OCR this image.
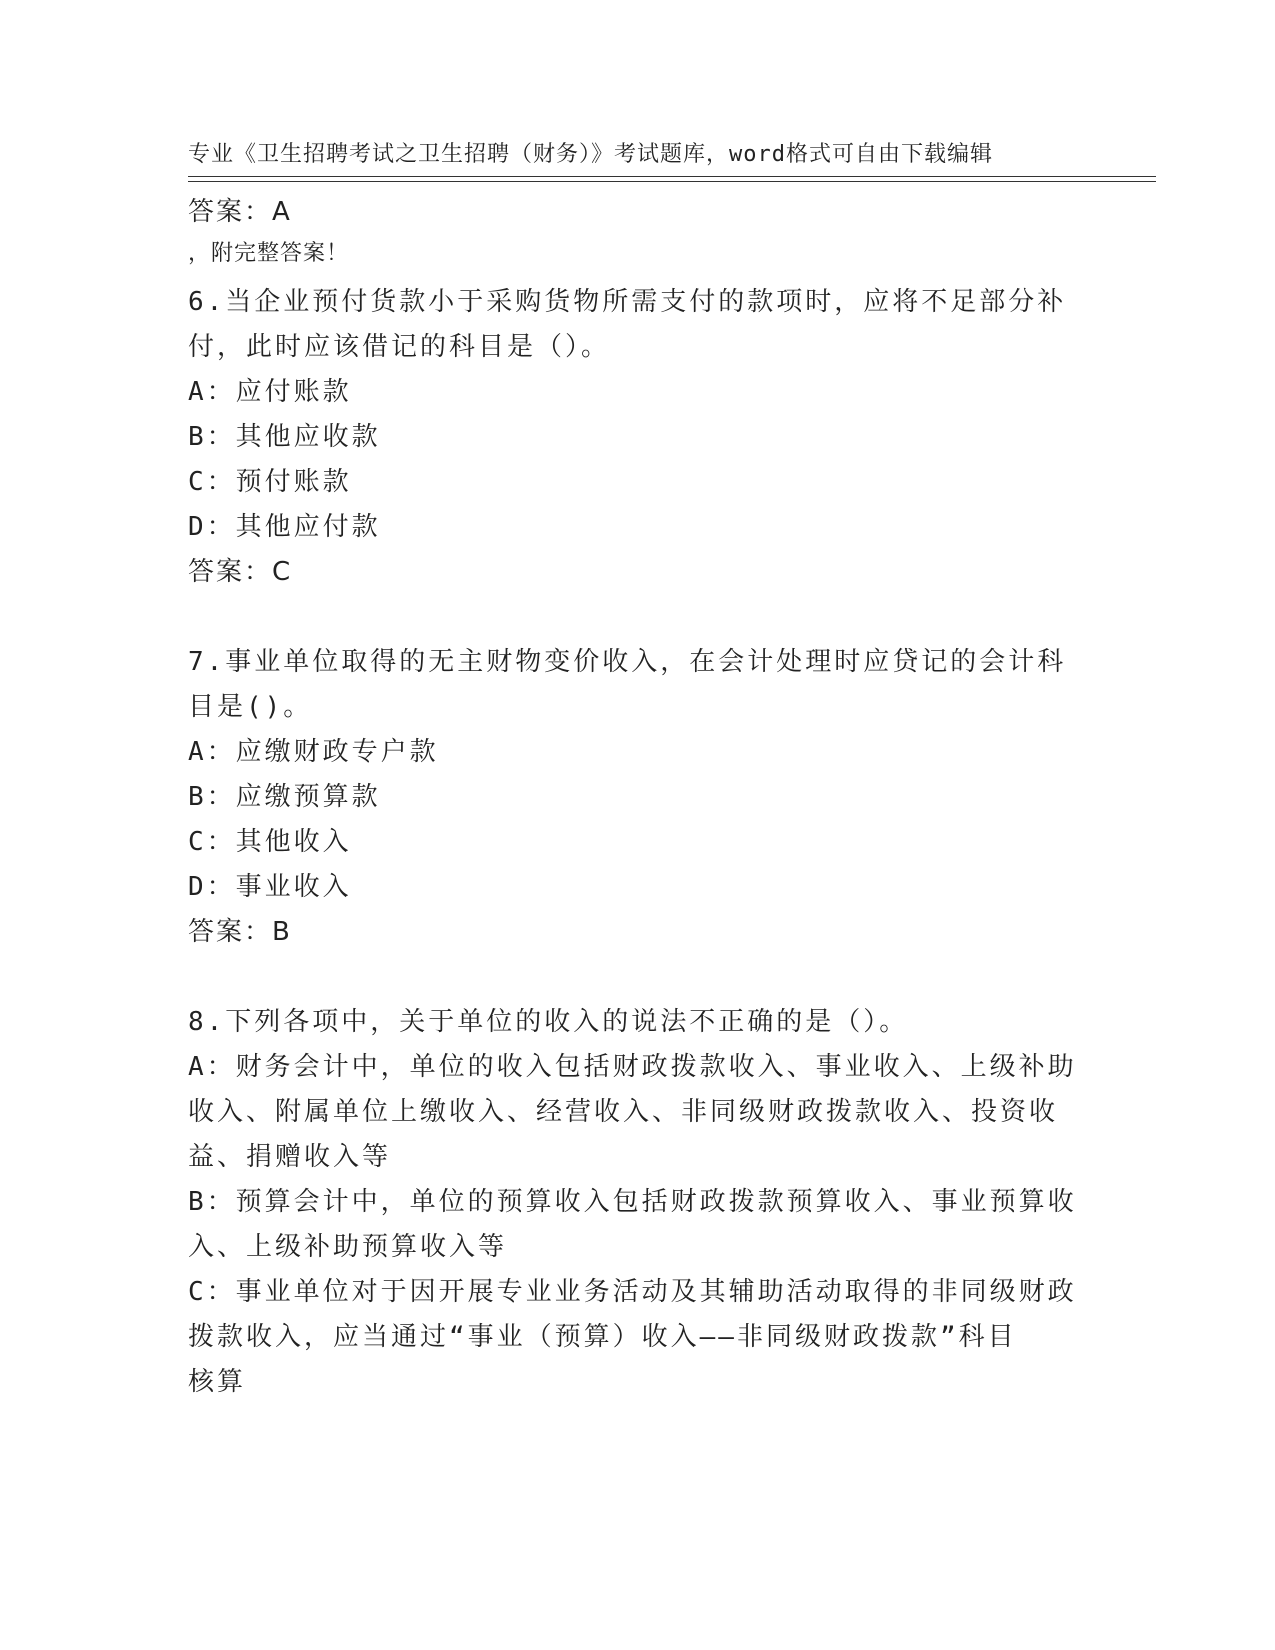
专业《卫生招聘考试之卫生招聘（财务）》考试题库，word格式可自由下载编辑

，附完整答案！

答案：A

6.当企业预付货款小于采购货物所需支付的款项时，应将不足部分补
付，此时应该借记的科目是（）。
A：应付账款
B：其他应收款
C：预付账款
D：其他应付款

答案：C

7.事业单位取得的无主财物变价收入，在会计处理时应贷记的会计科
目是()。
A：应缴财政专户款
B：应缴预算款
C：其他收入
D：事业收入

答案：B

8.下列各项中，关于单位的收入的说法不正确的是（）。
A：财务会计中，单位的收入包括财政拨款收入、事业收入、上级补助
收入、附属单位上缴收入、经营收入、非同级财政拨款收入、投资收
益、捐赠收入等
B：预算会计中，单位的预算收入包括财政拨款预算收入、事业预算收
入、上级补助预算收入等
C：事业单位对于因开展专业业务活动及其辅助活动取得的非同级财政
拨款收入，应当通过“事业（预算）收入——非同级财政拨款”科目
核算
